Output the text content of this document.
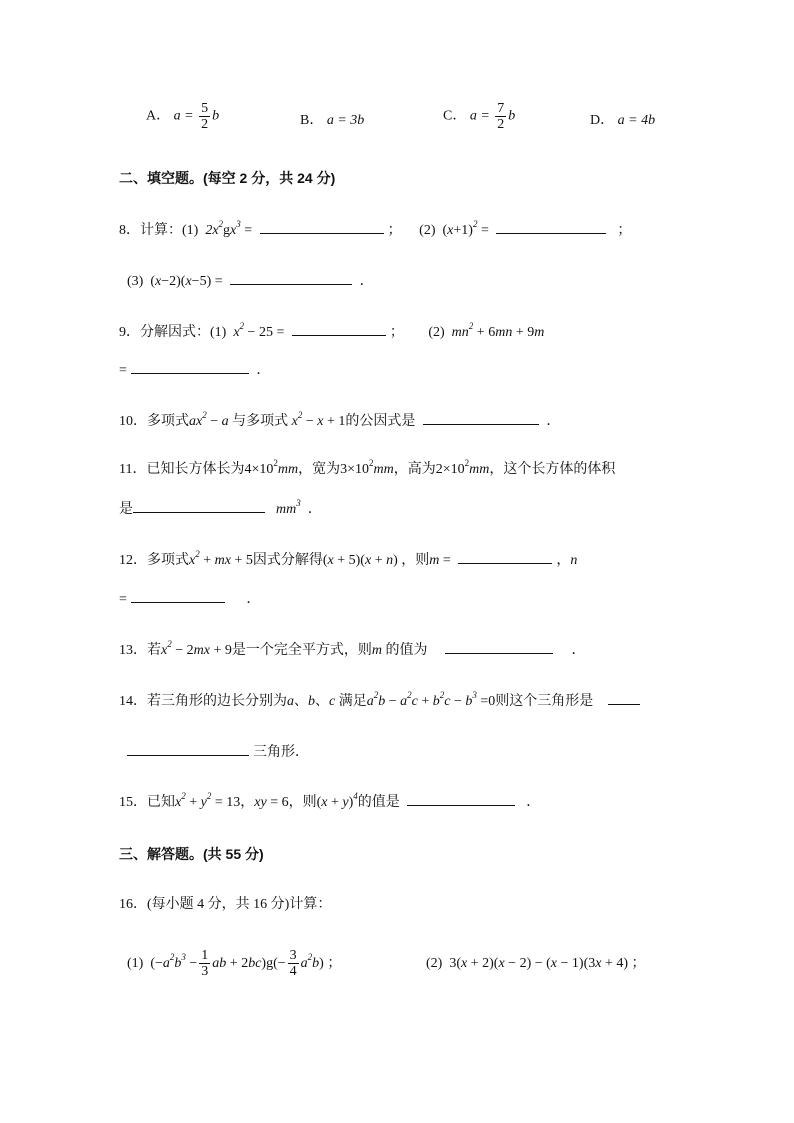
A． $a = \frac{5}{2}$ b	B． a = 3b	C． $a = \frac{7}{2}$ b	D． a = 4b
二、填空题。(每空 2 分，共 24 分)
8．计算：(1)  $2x^2gx^3$ =	； (2) $(x+1)^2$ =	；
(3) (x−2)(x−5) =	．
9．分解因式：(1)  $x^2 - 25$ =	； (2)  $mn^2 + 6mn + 9m$
=	．
10．多项式$ax^2 - a$ 与多项式 $x^2 - x + 1$的公因式是	．
11．已知长方体长为$4\times 10^2mm$，宽为$3\times 10^2mm$，高为$2\times 10^2mm$，这个长方体的体积
是	$mm^3$ ．
12．多项式$x^2$ + mx + 5因式分解得(x + 5)(x + n) ，则m =	，n
=	．
13．若$x^2 - 2mx + 9$是一个完全平方式，则m 的值为	．
14．若三角形的边长分别为a、b、c 满足$a^2b - a^2c + b^2c - b^3 =0$则这个三角形是
三角形．
15．已知$x^2 + y^2 = 13$，xy = 6，则$(x + y)^4$的值是	．
三、解答题。(共 55 分)
16．(每小题 4 分，共 16 分)计算：
(1) ($-a^2b^3 - \frac{1}{3}$ ab + $2bc)g(- \frac{3}{4} a^2b)$ ；	(2) 3(x + 2)(x − 2) − (x − 1)(3x + 4) ；
